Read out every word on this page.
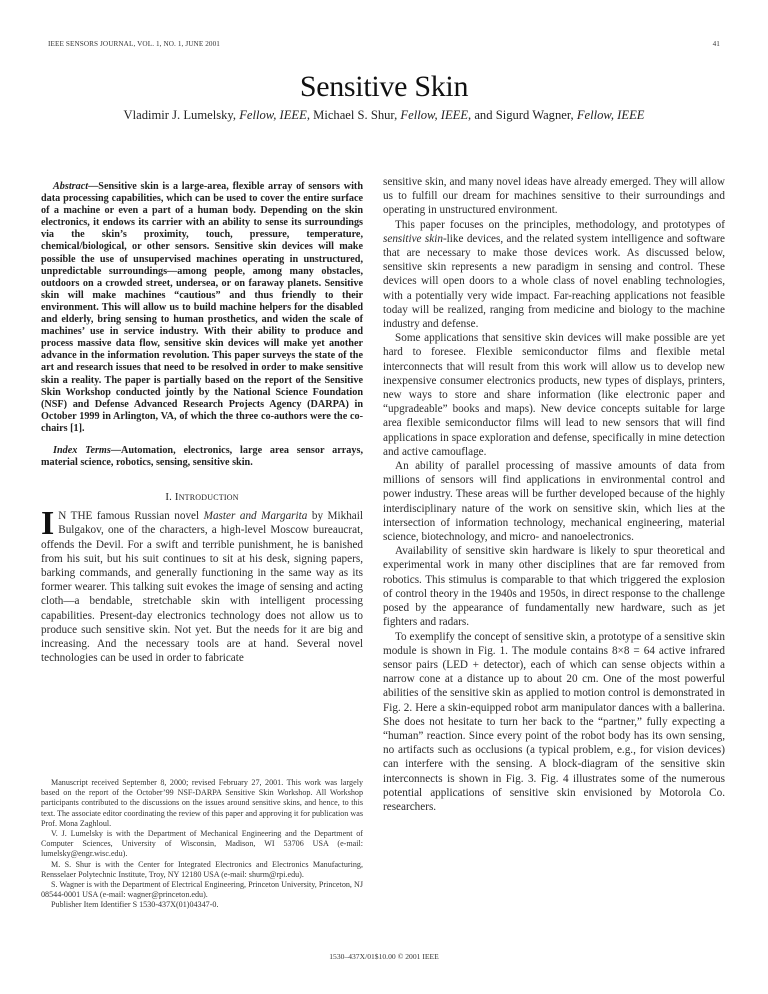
IEEE SENSORS JOURNAL, VOL. 1, NO. 1, JUNE 2001	41
Sensitive Skin
Vladimir J. Lumelsky, Fellow, IEEE, Michael S. Shur, Fellow, IEEE, and Sigurd Wagner, Fellow, IEEE

Abstract—Sensitive skin is a large-area, flexible array of sensors with data processing capabilities, which can be used to cover the entire surface of a machine or even a part of a human body. Depending on the skin electronics, it endows its carrier with an ability to sense its surroundings via the skin’s proximity, touch, pressure, temperature, chemical/biological, or other sensors. Sensitive skin devices will make possible the use of unsupervised machines operating in unstructured, unpredictable surroundings—among people, among many obstacles, outdoors on a crowded street, undersea, or on faraway planets. Sensitive skin will make machines “cautious” and thus friendly to their environment. This will allow us to build machine helpers for the disabled and elderly, bring sensing to human prosthetics, and widen the scale of machines’ use in service industry. With their ability to produce and process massive data flow, sensitive skin devices will make yet another advance in the information revolution. This paper surveys the state of the art and research issues that need to be resolved in order to make sensitive skin a reality. The paper is partially based on the report of the Sensitive Skin Workshop conducted jointly by the National Science Foundation (NSF) and Defense Advanced Research Projects Agency (DARPA) in October 1999 in Arlington, VA, of which the three co-authors were the co-chairs [1].

Index Terms—Automation, electronics, large area sensor arrays, material science, robotics, sensing, sensitive skin.

I. Introduction

I N THE famous Russian novel Master and Margarita by Mikhail Bulgakov, one of the characters, a high-level Moscow bureaucrat, offends the Devil. For a swift and terrible punishment, he is banished from his suit, but his suit continues to sit at his desk, signing papers, barking commands, and generally functioning in the same way as its former wearer. This talking suit evokes the image of sensing and acting cloth—a bendable, stretchable skin with intelligent processing capabilities. Present-day electronics technology does not allow us to produce such sensitive skin. Not yet. But the needs for it are big and increasing. And the necessary tools are at hand. Several novel technologies can be used in order to fabricate

Manuscript received September 8, 2000; revised February 27, 2001. This work was largely based on the report of the October’99 NSF-DARPA Sensitive Skin Workshop. All Workshop participants contributed to the discussions on the issues around sensitive skins, and hence, to this text. The associate editor coordinating the review of this paper and approving it for publication was Prof. Mona Zaghloul.

V. J. Lumelsky is with the Department of Mechanical Engineering and the Department of Computer Sciences, University of Wisconsin, Madison, WI 53706 USA (e-mail: lumelsky@engr.wisc.edu).

M. S. Shur is with the Center for Integrated Electronics and Electronics Manufacturing, Rensselaer Polytechnic Institute, Troy, NY 12180 USA (e-mail: shurm@rpi.edu).

S. Wagner is with the Department of Electrical Engineering, Princeton University, Princeton, NJ 08544-0001 USA (e-mail: wagner@princeton.edu).

Publisher Item Identifier S 1530-437X(01)04347-0.

sensitive skin, and many novel ideas have already emerged. They will allow us to fulfill our dream for machines sensitive to their surroundings and operating in unstructured environment.

This paper focuses on the principles, methodology, and prototypes of sensitive skin-like devices, and the related system intelligence and software that are necessary to make those devices work. As discussed below, sensitive skin represents a new paradigm in sensing and control. These devices will open doors to a whole class of novel enabling technologies, with a potentially very wide impact. Far-reaching applications not feasible today will be realized, ranging from medicine and biology to the machine industry and defense.

Some applications that sensitive skin devices will make possible are yet hard to foresee. Flexible semiconductor films and flexible metal interconnects that will result from this work will allow us to develop new inexpensive consumer electronics products, new types of displays, printers, new ways to store and share information (like electronic paper and “upgradeable” books and maps). New device concepts suitable for large area flexible semiconductor films will lead to new sensors that will find applications in space exploration and defense, specifically in mine detection and active camouflage.

An ability of parallel processing of massive amounts of data from millions of sensors will find applications in environmental control and power industry. These areas will be further developed because of the highly interdisciplinary nature of the work on sensitive skin, which lies at the intersection of information technology, mechanical engineering, material science, biotechnology, and micro- and nanoelectronics.

Availability of sensitive skin hardware is likely to spur theoretical and experimental work in many other disciplines that are far removed from robotics. This stimulus is comparable to that which triggered the explosion of control theory in the 1940s and 1950s, in direct response to the challenge posed by the appearance of fundamentally new hardware, such as jet fighters and radars.

To exemplify the concept of sensitive skin, a prototype of a sensitive skin module is shown in Fig. 1. The module contains 8×8 = 64 active infrared sensor pairs (LED + detector), each of which can sense objects within a narrow cone at a distance up to about 20 cm. One of the most powerful abilities of the sensitive skin as applied to motion control is demonstrated in Fig. 2. Here a skin-equipped robot arm manipulator dances with a ballerina. She does not hesitate to turn her back to the “partner,” fully expecting a “human” reaction. Since every point of the robot body has its own sensing, no artifacts such as occlusions (a typical problem, e.g., for vision devices) can interfere with the sensing. A block-diagram of the sensitive skin interconnects is shown in Fig. 3. Fig. 4 illustrates some of the numerous potential applications of sensitive skin envisioned by Motorola Co. researchers.

1530–437X/01$10.00 © 2001 IEEE
